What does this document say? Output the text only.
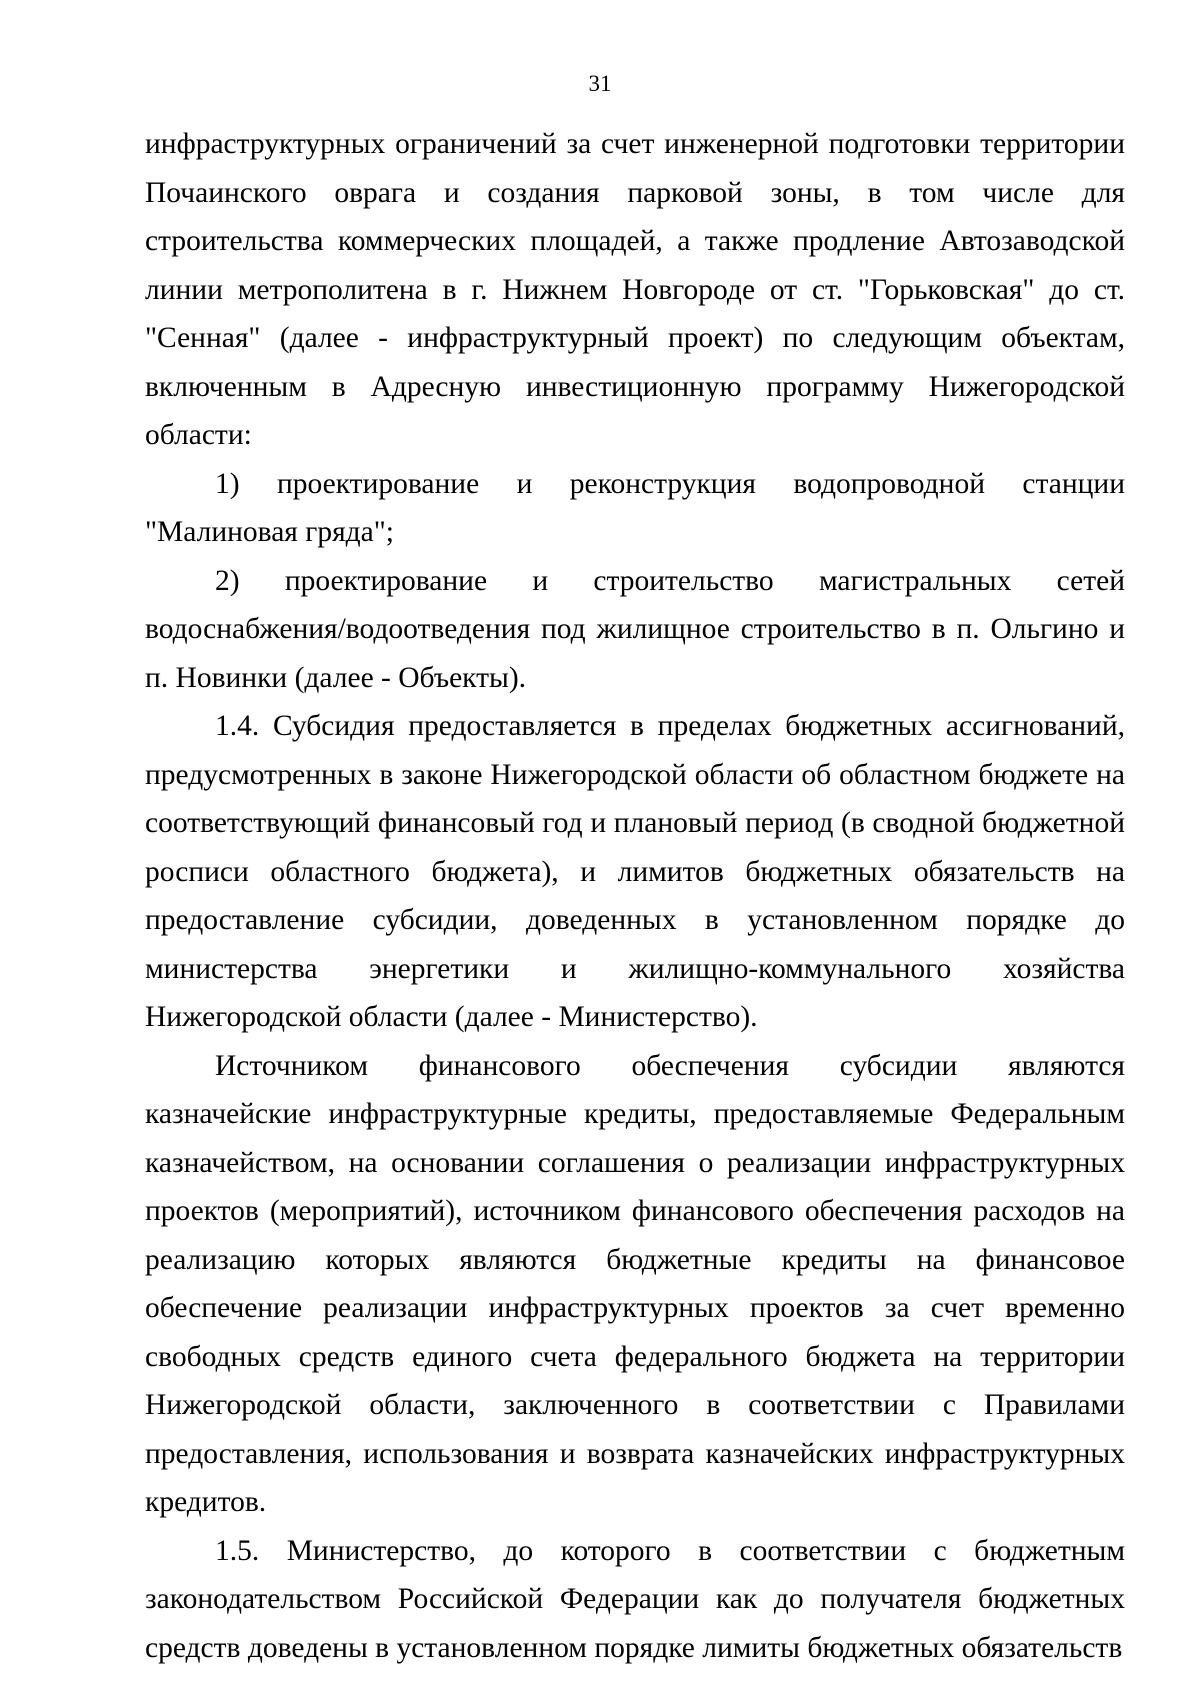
31

инфраструктурных ограничений за счет инженерной подготовки территории Почаинского оврага и создания парковой зоны, в том числе для строительства коммерческих площадей, а также продление Автозаводской линии метрополитена в г. Нижнем Новгороде от ст. "Горьковская" до ст. "Сенная" (далее - инфраструктурный проект) по следующим объектам, включенным в Адресную инвестиционную программу Нижегородской области:

1) проектирование и реконструкция водопроводной станции "Малиновая гряда";

2) проектирование и строительство магистральных сетей водоснабжения/водоотведения под жилищное строительство в п. Ольгино и п. Новинки (далее - Объекты).

1.4. Субсидия предоставляется в пределах бюджетных ассигнований, предусмотренных в законе Нижегородской области об областном бюджете на соответствующий финансовый год и плановый период (в сводной бюджетной росписи областного бюджета), и лимитов бюджетных обязательств на предоставление субсидии, доведенных в установленном порядке до министерства энергетики и жилищно-коммунального хозяйства Нижегородской области (далее - Министерство).

Источником финансового обеспечения субсидии являются казначейские инфраструктурные кредиты, предоставляемые Федеральным казначейством, на основании соглашения о реализации инфраструктурных проектов (мероприятий), источником финансового обеспечения расходов на реализацию которых являются бюджетные кредиты на финансовое обеспечение реализации инфраструктурных проектов за счет временно свободных средств единого счета федерального бюджета на территории Нижегородской области, заключенного в соответствии с Правилами предоставления, использования и возврата казначейских инфраструктурных кредитов.

1.5. Министерство, до которого в соответствии с бюджетным законодательством Российской Федерации как до получателя бюджетных средств доведены в установленном порядке лимиты бюджетных обязательств
